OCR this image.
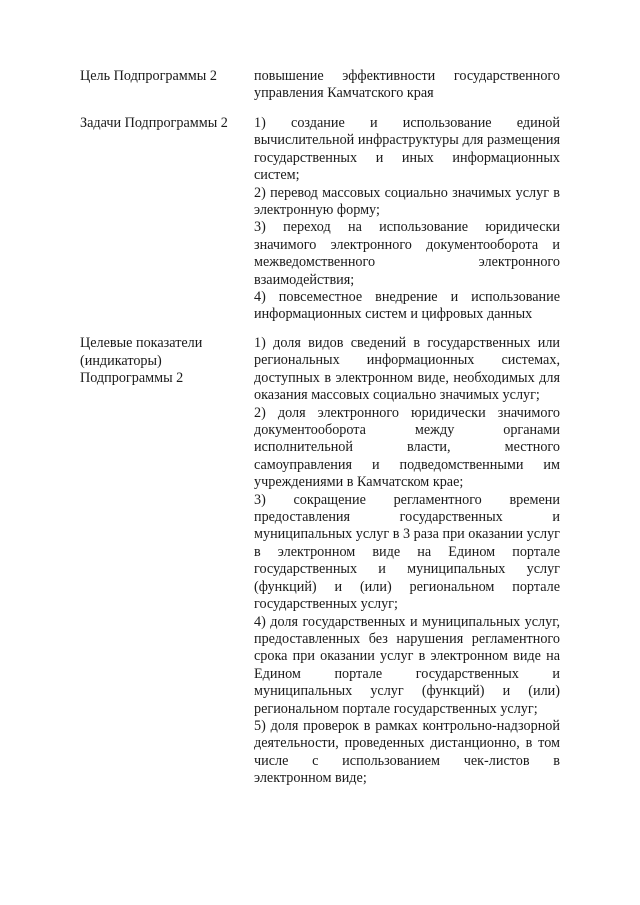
Цель Подпрограммы 2	повышение эффективности государственного управления Камчатского края

Задачи Подпрограммы 2	1) создание и использование единой вычислительной инфраструктуры для размещения государственных и иных информационных систем;

2) перевод массовых социально значимых услуг в электронную форму;

3) переход на использование юридически значимого электронного документооборота и межведомственного электронного взаимодействия;

4) повсеместное внедрение и использование информационных систем и цифровых данных

Целевые показатели (индикаторы) Подпрограммы 2

1) доля видов сведений в государственных или региональных информационных системах, доступных в электронном виде, необходимых для оказания массовых социально значимых услуг;

2) доля электронного юридически значимого документооборота между органами исполнительной власти, местного самоуправления и подведомственными им учреждениями в Камчатском крае;

3) сокращение регламентного времени предоставления государственных и муниципальных услуг в 3 раза при оказании услуг в электронном виде на Едином портале государственных и муниципальных услуг (функций) и (или) региональном портале государственных услуг;

4) доля государственных и муниципальных услуг, предоставленных без нарушения регламентного срока при оказании услуг в электронном виде на Едином портале государственных и муниципальных услуг (функций) и (или) региональном портале государственных услуг;

5) доля проверок в рамках контрольно-надзорной деятельности, проведенных дистанционно, в том числе с использованием чек-листов в электронном виде;
